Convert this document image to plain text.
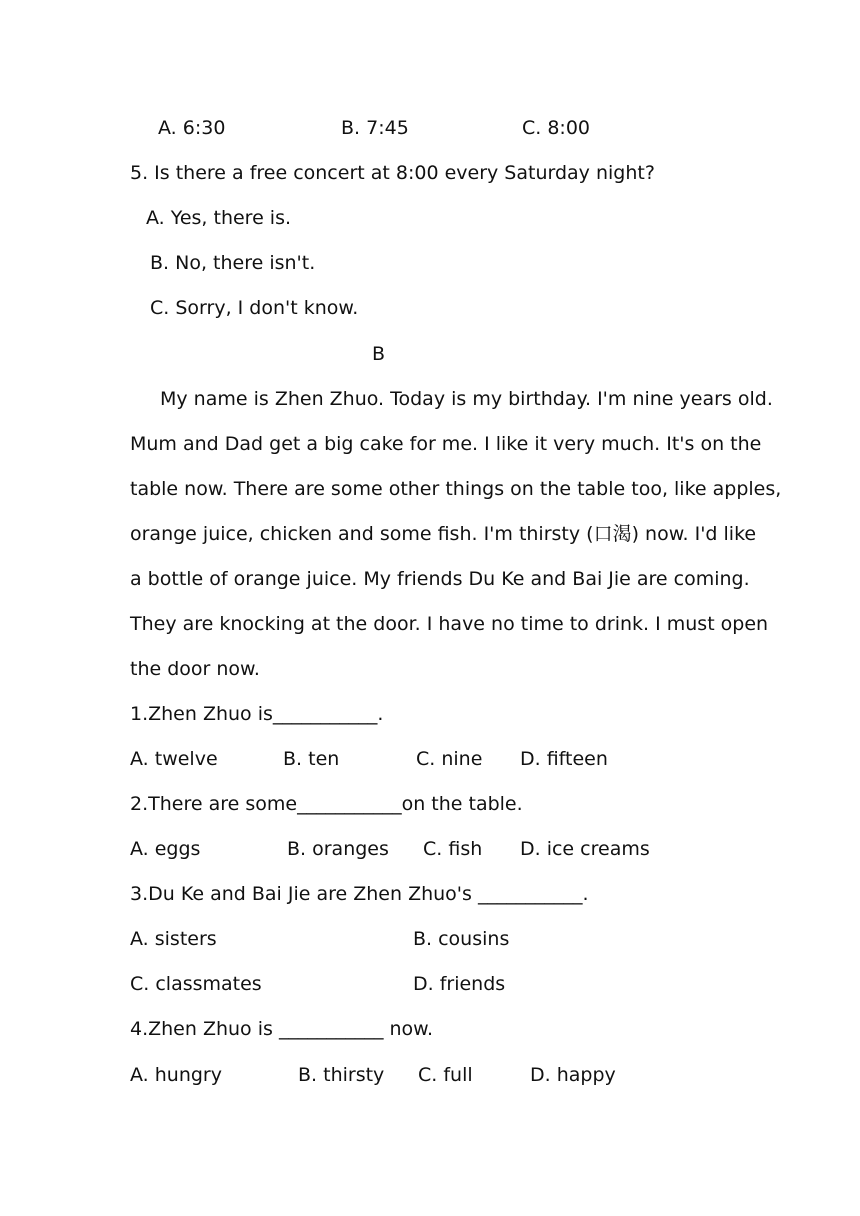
A. 6:30	B. 7:45	C. 8:00
5. Is there a free concert at 8:00 every Saturday night?
A. Yes, there is.
B. No, there isn't.
C. Sorry, I don't know.
B
My name is Zhen Zhuo. Today is my birthday. I'm nine years old.
Mum and Dad get a big cake for me. I like it very much. It's on the
table now. There are some other things on the table too, like apples,
orange juice, chicken and some fish. I'm thirsty (口渴) now. I'd like
a bottle of orange juice. My friends Du Ke and Bai Jie are coming.
They are knocking at the door. I have no time to drink. I must open
the door now.
1.Zhen Zhuo is___________.
A. twelve	B. ten	C. nine D. fifteen
2.There are some___________on the table.
A. eggs	B. oranges C. fish D. ice creams
3.Du Ke and Bai Jie are Zhen Zhuo's ___________.
A. sisters	B. cousins
C. classmates	D. friends
4.Zhen Zhuo is ___________ now.
A. hungry	B. thirsty C. full	D. happy
